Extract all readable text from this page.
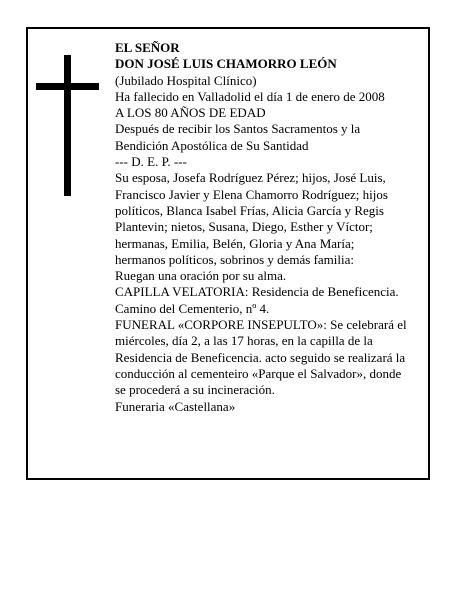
EL SEÑOR
DON JOSÉ LUIS CHAMORRO LEÓN
(Jubilado Hospital Clínico)
Ha fallecido en Valladolid el día 1 de enero de 2008
A LOS 80 AÑOS DE EDAD
Después de recibir los Santos Sacramentos y la
Bendición Apostólica de Su Santidad
--- D. E. P. ---
Su esposa, Josefa Rodríguez Pérez; hijos, José Luis,
Francisco Javier y Elena Chamorro Rodríguez; hijos
políticos, Blanca Isabel Frías, Alicia García y Regis
Plantevin; nietos, Susana, Diego, Esther y Víctor;
hermanas, Emilia, Belén, Gloria y Ana María;
hermanos políticos, sobrinos y demás familia:
Ruegan una oración por su alma.
CAPILLA VELATORIA: Residencia de Beneficencia.
Camino del Cementerio, nº 4.
FUNERAL «CORPORE INSEPULTO»: Se celebrará el
miércoles, día 2, a las 17 horas, en la capilla de la
Residencia de Beneficencia. acto seguido se realizará la
conducción al cementeiro «Parque el Salvador», donde
se procederá a su incineración.
Funeraria «Castellana»
